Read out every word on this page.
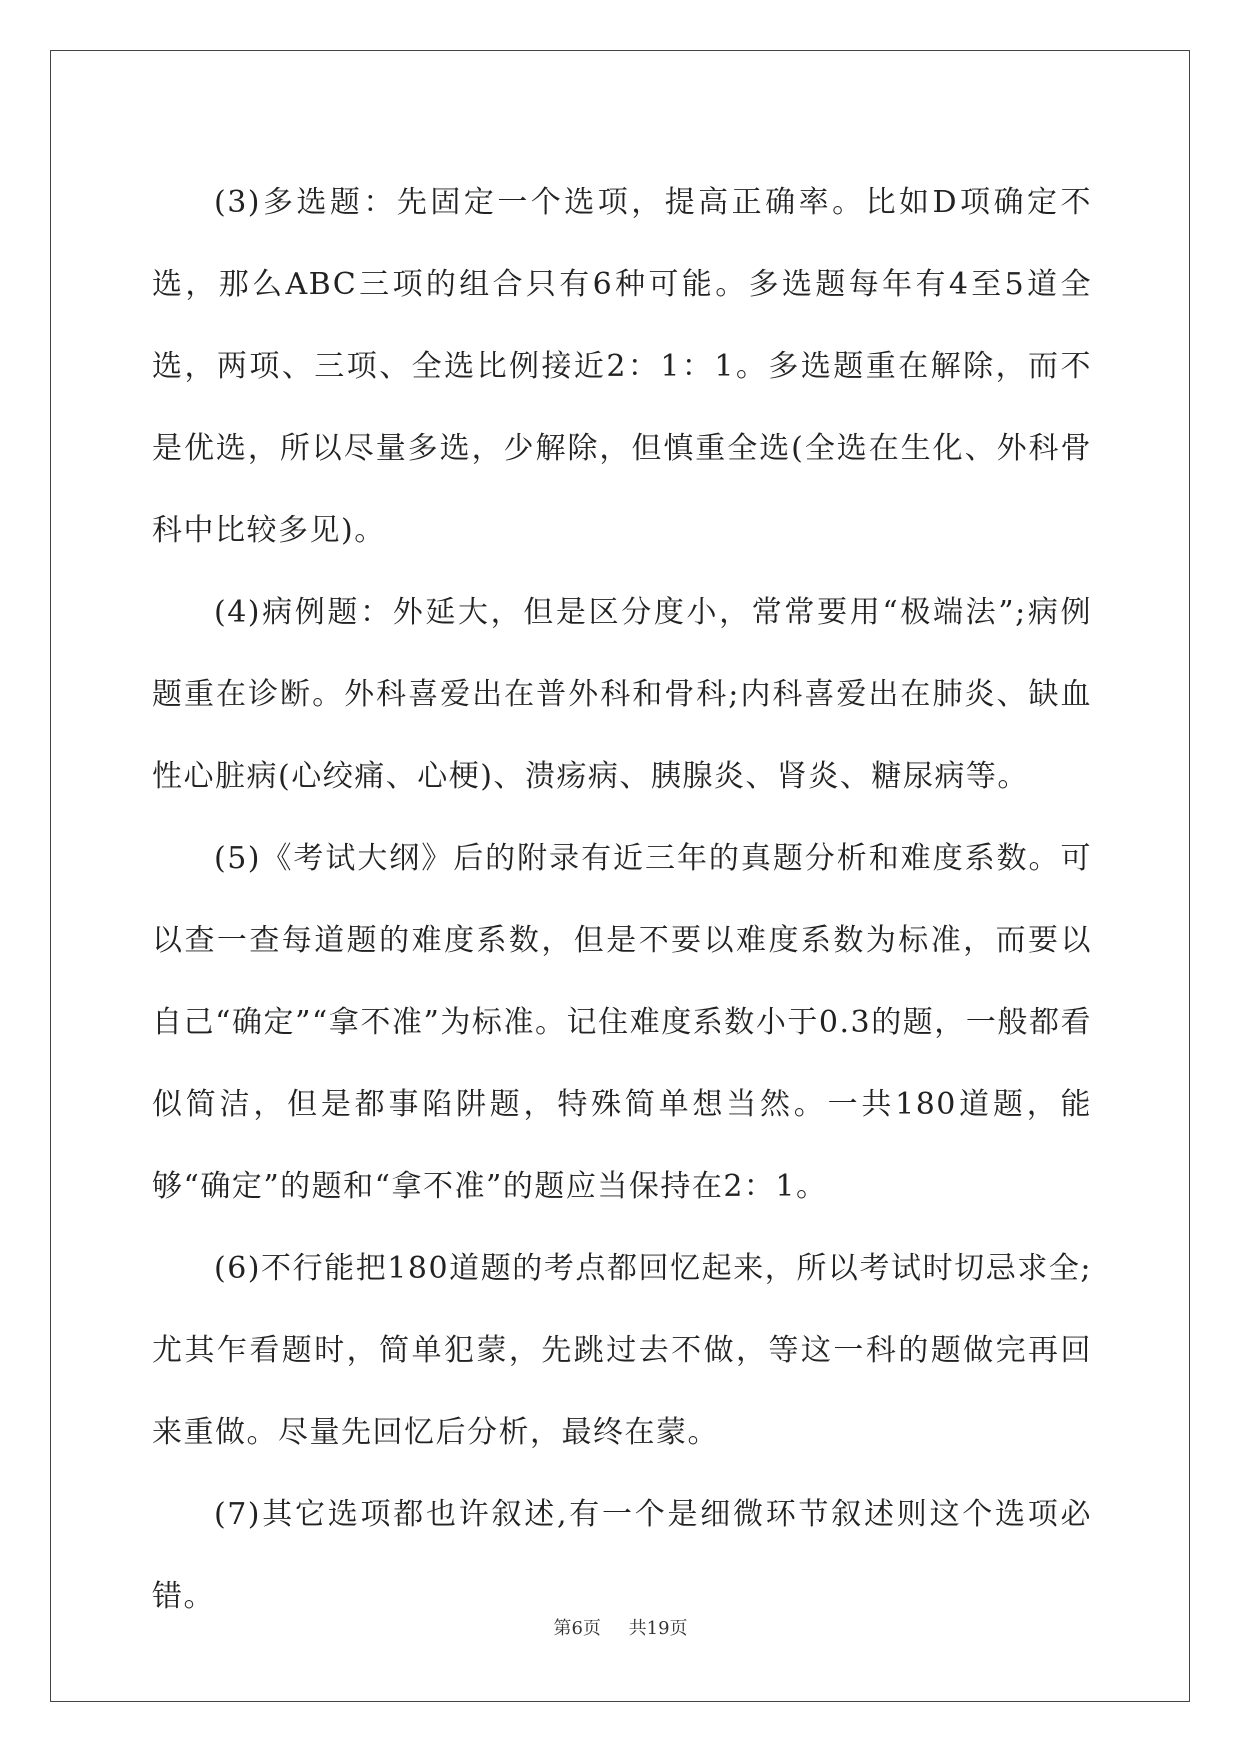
(3)多选题：先固定一个选项，提高正确率。比如D项确定不选，那么ABC三项的组合只有6种可能。多选题每年有4至5道全选，两项、三项、全选比例接近2：1：1。多选题重在解除，而不是优选，所以尽量多选，少解除，但慎重全选(全选在生化、外科骨科中比较多见)。

(4)病例题：外延大，但是区分度小，常常要用“极端法”;病例题重在诊断。外科喜爱出在普外科和骨科;内科喜爱出在肺炎、缺血性心脏病(心绞痛、心梗)、溃疡病、胰腺炎、肾炎、糖尿病等。

(5)《考试大纲》后的附录有近三年的真题分析和难度系数。可以查一查每道题的难度系数，但是不要以难度系数为标准，而要以自己“确定”“拿不准”为标准。记住难度系数小于0.3的题，一般都看似简洁，但是都事陷阱题，特殊简单想当然。一共180道题，能够“确定”的题和“拿不准”的题应当保持在2：1。

(6)不行能把180道题的考点都回忆起来，所以考试时切忌求全;尤其乍看题时，简单犯蒙，先跳过去不做，等这一科的题做完再回来重做。尽量先回忆后分析，最终在蒙。

(7)其它选项都也许叙述,有一个是细微环节叙述则这个选项必错。

第6页 共19页
